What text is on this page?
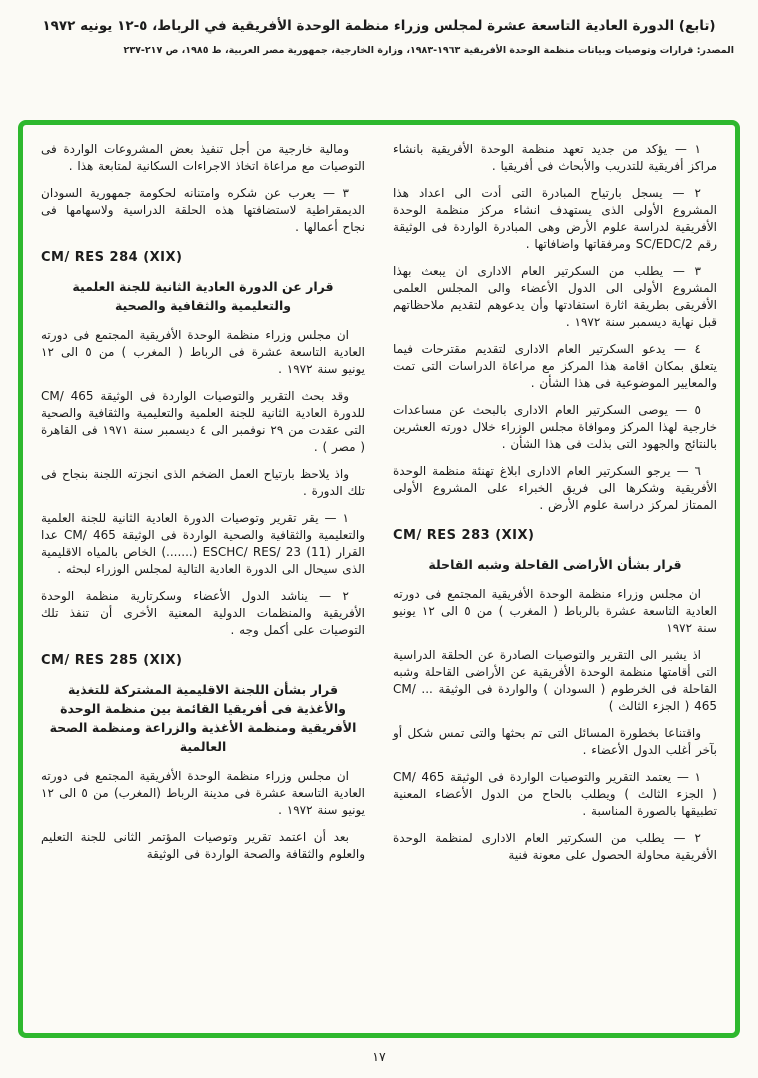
(تابع) الدورة العادية التاسعة عشرة لمجلس وزراء منظمة الوحدة الأفريقية في الرباط، ٥-١٢ يونيه ١٩٧٢
المصدر: قرارات وتوصيات وبيانات منظمة الوحدة الأفريقية ١٩٦٣-١٩٨٣، وزارة الخارجية، جمهورية مصر العربية، ط ١٩٨٥، ص ٢١٧-٢٣٧
١ — يؤكد من جديد تعهد منظمة الوحدة الأفريقية بانشاء مراكز أفريقية للتدريب والأبحاث فى أفريقيا .
٢ — يسجل بارتياح المبادرة التى أدت الى اعداد هذا المشروع الأولى الذى يستهدف انشاء مركز منظمة الوحدة الأفريقية لدراسة علوم الأرض وهى المبادرة الواردة فى الوثيقة رقم SC/EDC/2 ومرفقاتها واضافاتها .
٣ — يطلب من السكرتير العام الادارى ان يبعث بهذا المشروع الأولى الى الدول الأعضاء والى المجلس العلمى الأفريقى بطريقة اثارة استفادتها وأن يدعوهم لتقديم ملاحظاتهم قبل نهاية ديسمبر سنة ١٩٧٢ .
٤ — يدعو السكرتير العام الادارى لتقديم مقترحات فيما يتعلق بمكان اقامة هذا المركز مع مراعاة الدراسات التى تمت والمعايير الموضوعية فى هذا الشأن .
٥ — يوصى السكرتير العام الادارى بالبحث عن مساعدات خارجية لهذا المركز وموافاة مجلس الوزراء خلال دورته العشرين بالنتائج والجهود التى بذلت فى هذا الشأن .
٦ — يرجو السكرتير العام الادارى ابلاغ تهنئة منظمة الوحدة الأفريقية وشكرها الى فريق الخبراء على المشروع الأولى الممتاز لمركز دراسة علوم الأرض .
CM/ RES 283 (XIX)
قرار بشأن الأراضى القاحلة وشبه القاحلة
ان مجلس وزراء منظمة الوحدة الأفريقية المجتمع فى دورته العادية التاسعة عشرة بالرباط ( المغرب ) من ٥ الى ١٢ يونيو سنة ١٩٧٢
اذ يشير الى التقرير والتوصيات الصادرة عن الحلقة الدراسية التى أقامتها منظمة الوحدة الأفريقية عن الأراضى القاحلة وشبه القاحلة فى الخرطوم ( السودان ) والواردة فى الوثيقة ... CM/ 465 ( الجزء الثالث )
واقتناعا بخطورة المسائل التى تم بحثها والتى تمس شكل أو بآخر أغلب الدول الأعضاء .
١ — يعتمد التقرير والتوصيات الواردة فى الوثيقة CM/ 465 ( الجزء الثالث ) ويطلب بالحاح من الدول الأعضاء المعنية تطبيقها بالصورة المناسبة .
٢ — يطلب من السكرتير العام الادارى لمنظمة الوحدة الأفريقية محاولة الحصول على معونة فنية
ومالية خارجية من أجل تنفيذ بعض المشروعات الواردة فى التوصيات مع مراعاة اتخاذ الاجراءات السكانية لمتابعة هذا .
٣ — يعرب عن شكره وامتنانه لحكومة جمهورية السودان الديمقراطية لاستضافتها هذه الحلقة الدراسية ولاسهامها فى نجاح أعمالها .
CM/ RES 284 (XIX)
قرار عن الدورة العادية الثانية للجنة العلمية والتعليمية والثقافية والصحية
ان مجلس وزراء منظمة الوحدة الأفريقية المجتمع فى دورته العادية التاسعة عشرة فى الرباط ( المغرب ) من ٥ الى ١٢ يونيو سنة ١٩٧٢ .
وقد بحث التقرير والتوصيات الواردة فى الوثيقة CM/ 465 للدورة العادية الثانية للجنة العلمية والتعليمية والثقافية والصحية التى عقدت من ٢٩ نوفمبر الى ٤ ديسمبر سنة ١٩٧١ فى القاهرة ( مصر ) .
واذ يلاحظ بارتياح العمل الضخم الذى انجزته اللجنة بنجاح فى تلك الدورة .
١ — يقر تقرير وتوصيات الدورة العادية الثانية للجنة العلمية والتعليمية والثقافية والصحية الواردة فى الوثيقة CM/ 465 عدا القرار ESCHC/ RES/ 23 (11) (.......) الخاص بالمياه الاقليمية الذى سيحال الى الدورة العادية التالية لمجلس الوزراء لبحثه .
٢ — يناشد الدول الأعضاء وسكرتارية منظمة الوحدة الأفريقية والمنظمات الدولية المعنية الأخرى أن تنفذ تلك التوصيات على أكمل وجه .
CM/ RES 285 (XIX)
قرار بشأن اللجنة الاقليمية المشتركة للتغذية والأغذية فى أفريقيا القائمة بين منظمة الوحدة الأفريقية ومنظمة الأغذية والزراعة ومنظمة الصحة العالمية
ان مجلس وزراء منظمة الوحدة الأفريقية المجتمع فى دورته العادية التاسعة عشرة فى مدينة الرباط (المغرب) من ٥ الى ١٢ يونيو سنة ١٩٧٢ .
بعد أن اعتمد تقرير وتوصيات المؤتمر الثانى للجنة التعليم والعلوم والثقافة والصحة الواردة فى الوثيقة
١٧
